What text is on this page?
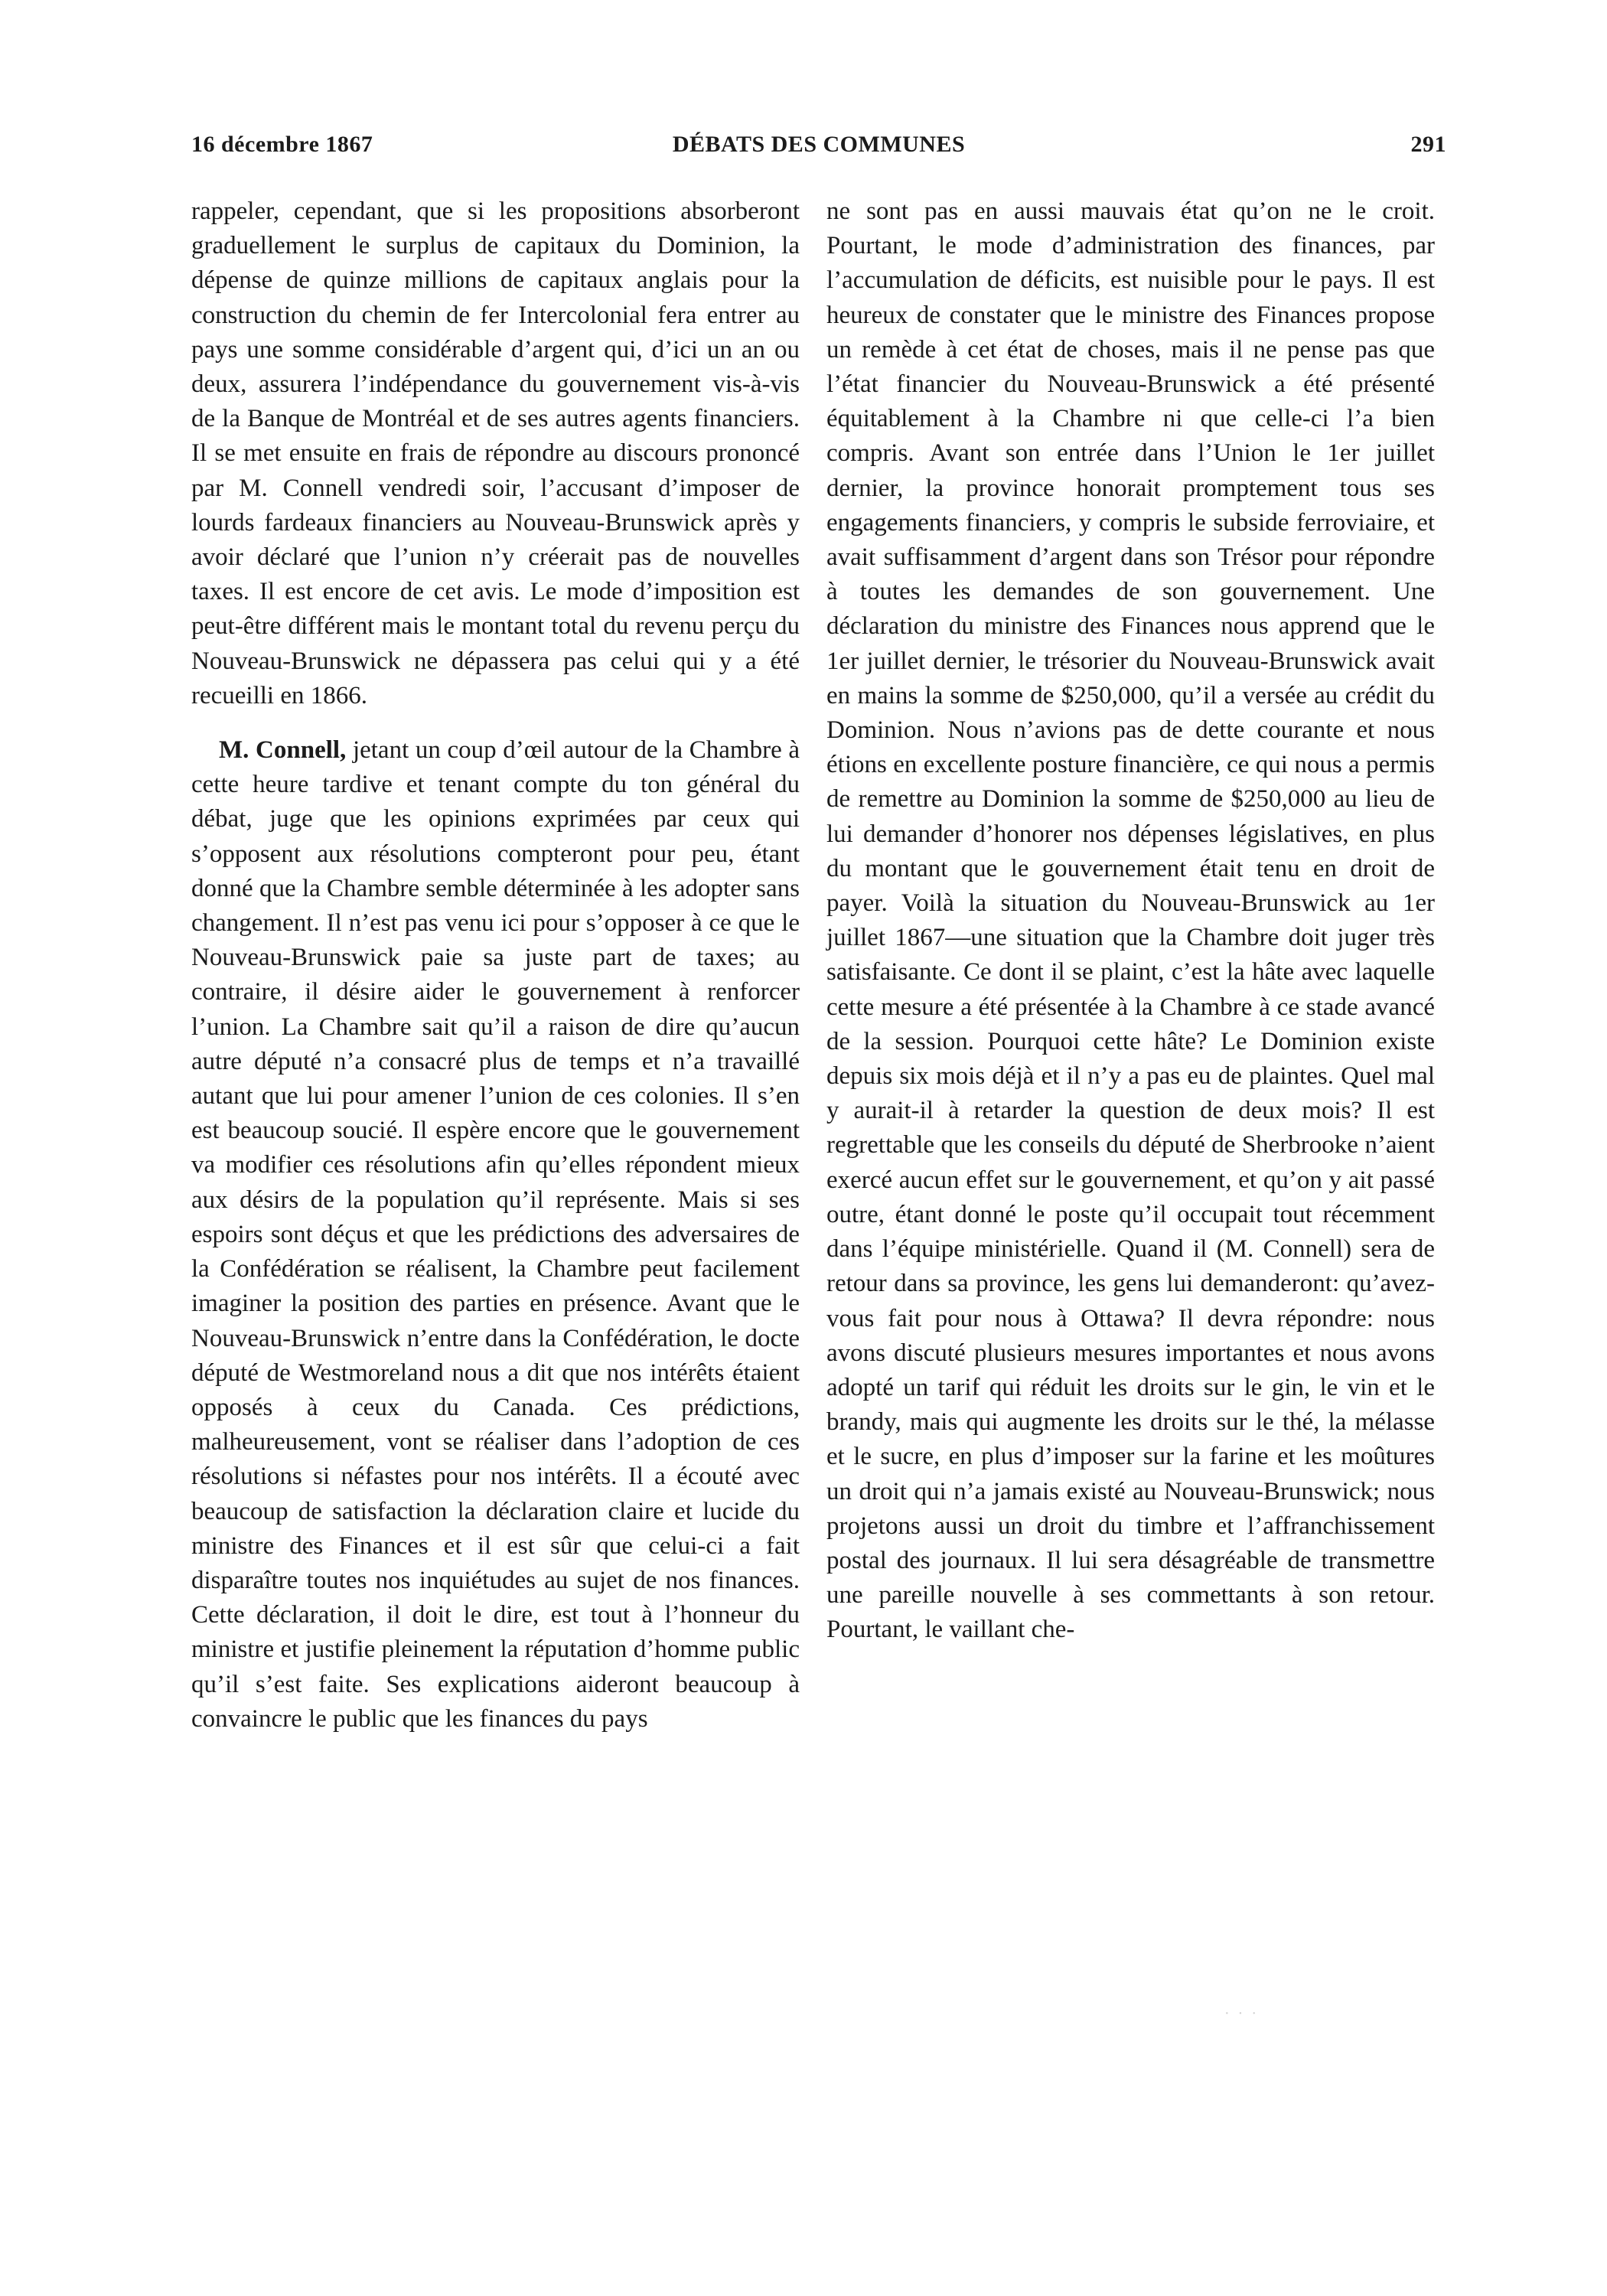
16 décembre 1867	DÉBATS DES COMMUNES	291

rappeler, cependant, que si les propositions absorberont graduellement le surplus de capitaux du Dominion, la dépense de quinze millions de capitaux anglais pour la construction du chemin de fer Intercolonial fera entrer au pays une somme considérable d’argent qui, d’ici un an ou deux, assurera l’indépendance du gouvernement vis-à-vis de la Banque de Montréal et de ses autres agents financiers. Il se met ensuite en frais de répondre au discours prononcé par M. Connell vendredi soir, l’accusant d’imposer de lourds fardeaux financiers au Nouveau-Brunswick après y avoir déclaré que l’union n’y créerait pas de nouvelles taxes. Il est encore de cet avis. Le mode d’imposition est peut-être différent mais le montant total du revenu perçu du Nouveau-Brunswick ne dépassera pas celui qui y a été recueilli en 1866.

M. Connell, jetant un coup d’œil autour de la Chambre à cette heure tardive et tenant compte du ton général du débat, juge que les opinions exprimées par ceux qui s’opposent aux résolutions compteront pour peu, étant donné que la Chambre semble déterminée à les adopter sans changement. Il n’est pas venu ici pour s’opposer à ce que le Nouveau-Brunswick paie sa juste part de taxes; au contraire, il désire aider le gouvernement à renforcer l’union. La Chambre sait qu’il a raison de dire qu’aucun autre député n’a consacré plus de temps et n’a travaillé autant que lui pour amener l’union de ces colonies. Il s’en est beaucoup soucié. Il espère encore que le gouvernement va modifier ces résolutions afin qu’elles répondent mieux aux désirs de la population qu’il représente. Mais si ses espoirs sont déçus et que les prédictions des adversaires de la Confédération se réalisent, la Chambre peut facilement imaginer la position des parties en présence. Avant que le Nouveau-Brunswick n’entre dans la Confédération, le docte député de Westmoreland nous a dit que nos intérêts étaient opposés à ceux du Canada. Ces prédictions, malheureusement, vont se réaliser dans l’adoption de ces résolutions si néfastes pour nos intérêts. Il a écouté avec beaucoup de satisfaction la déclaration claire et lucide du ministre des Finances et il est sûr que celui-ci a fait disparaître toutes nos inquiétudes au sujet de nos finances. Cette déclaration, il doit le dire, est tout à l’honneur du ministre et justifie pleinement la réputation d’homme public qu’il s’est faite. Ses explications aideront beaucoup à convaincre le public que les finances du pays

ne sont pas en aussi mauvais état qu’on ne le croit. Pourtant, le mode d’administration des finances, par l’accumulation de déficits, est nuisible pour le pays. Il est heureux de constater que le ministre des Finances propose un remède à cet état de choses, mais il ne pense pas que l’état financier du Nouveau-Brunswick a été présenté équitablement à la Chambre ni que celle-ci l’a bien compris. Avant son entrée dans l’Union le 1er juillet dernier, la province honorait promptement tous ses engagements financiers, y compris le subside ferroviaire, et avait suffisamment d’argent dans son Trésor pour répondre à toutes les demandes de son gouvernement. Une déclaration du ministre des Finances nous apprend que le 1er juillet dernier, le trésorier du Nouveau-Brunswick avait en mains la somme de $250,000, qu’il a versée au crédit du Dominion. Nous n’avions pas de dette courante et nous étions en excellente posture financière, ce qui nous a permis de remettre au Dominion la somme de $250,000 au lieu de lui demander d’honorer nos dépenses législatives, en plus du montant que le gouvernement était tenu en droit de payer. Voilà la situation du Nouveau-Brunswick au 1er juillet 1867—une situation que la Chambre doit juger très satisfaisante. Ce dont il se plaint, c’est la hâte avec laquelle cette mesure a été présentée à la Chambre à ce stade avancé de la session. Pourquoi cette hâte? Le Dominion existe depuis six mois déjà et il n’y a pas eu de plaintes. Quel mal y aurait-il à retarder la question de deux mois? Il est regrettable que les conseils du député de Sherbrooke n’aient exercé aucun effet sur le gouvernement, et qu’on y ait passé outre, étant donné le poste qu’il occupait tout récemment dans l’équipe ministérielle. Quand il (M. Connell) sera de retour dans sa province, les gens lui demanderont: qu’avez-vous fait pour nous à Ottawa? Il devra répondre: nous avons discuté plusieurs mesures importantes et nous avons adopté un tarif qui réduit les droits sur le gin, le vin et le brandy, mais qui augmente les droits sur le thé, la mélasse et le sucre, en plus d’imposer sur la farine et les moûtures un droit qui n’a jamais existé au Nouveau-Brunswick; nous projetons aussi un droit du timbre et l’affranchissement postal des journaux. Il lui sera désagréable de transmettre une pareille nouvelle à ses commettants à son retour. Pourtant, le vaillant che-

· · ·
